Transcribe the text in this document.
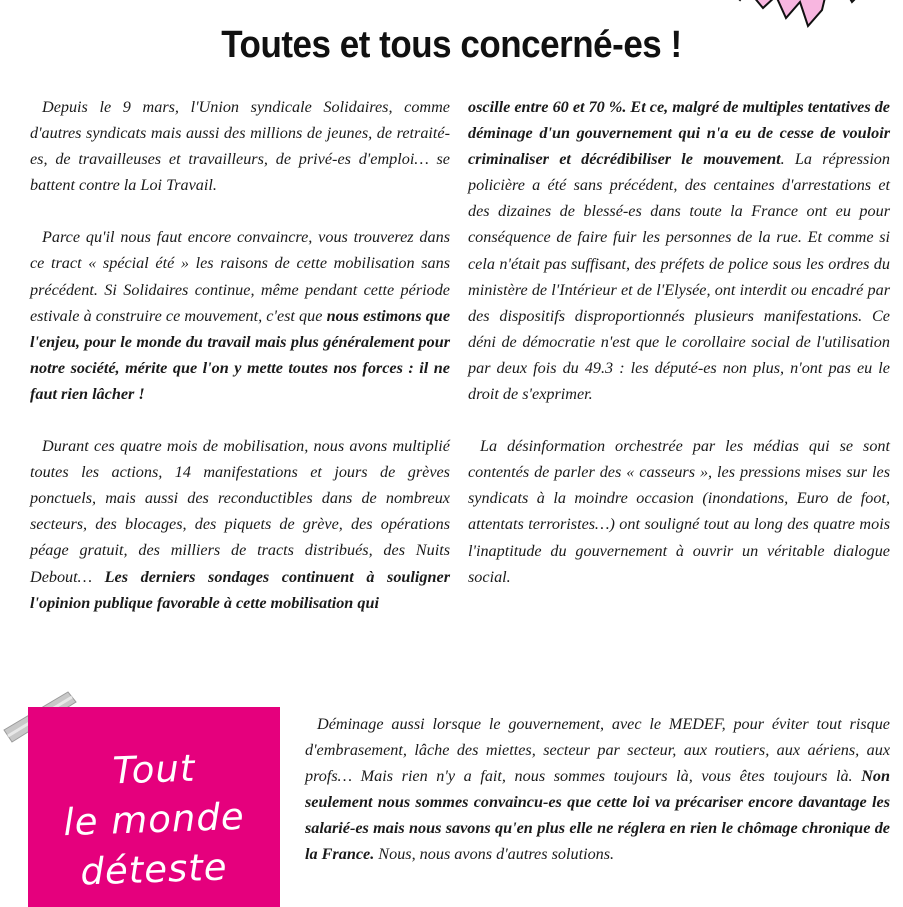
Toutes et tous concerné-es !

Depuis le 9 mars, l'Union syndicale Solidaires, comme d'autres syndicats mais aussi des millions de jeunes, de retraité-es, de travailleuses et travailleurs, de privé-es d'emploi… se battent contre la Loi Travail.

Parce qu'il nous faut encore convaincre, vous trouverez dans ce tract « spécial été » les raisons de cette mobilisation sans précédent. Si Solidaires continue, même pendant cette période estivale à construire ce mouvement, c'est que nous estimons que l'enjeu, pour le monde du travail mais plus généralement pour notre société, mérite que l'on y mette toutes nos forces : il ne faut rien lâcher !

Durant ces quatre mois de mobilisation, nous avons multiplié toutes les actions, 14 manifestations et jours de grèves ponctuels, mais aussi des reconductibles dans de nombreux secteurs, des blocages, des piquets de grève, des opérations péage gratuit, des milliers de tracts distribués, des Nuits Debout… Les derniers sondages continuent à souligner l'opinion publique favorable à cette mobilisation qui

oscille entre 60 et 70 %. Et ce, malgré de multiples tentatives de déminage d'un gouvernement qui n'a eu de cesse de vouloir criminaliser et décrédibiliser le mouvement. La répression policière a été sans précédent, des centaines d'arrestations et des dizaines de blessé-es dans toute la France ont eu pour conséquence de faire fuir les personnes de la rue. Et comme si cela n'était pas suffisant, des préfets de police sous les ordres du ministère de l'Intérieur et de l'Elysée, ont interdit ou encadré par des dispositifs disproportionnés plusieurs manifestations. Ce déni de démocratie n'est que le corollaire social de l'utilisation par deux fois du 49.3 : les député-es non plus, n'ont pas eu le droit de s'exprimer.

La désinformation orchestrée par les médias qui se sont contentés de parler des « casseurs », les pressions mises sur les syndicats à la moindre occasion (inondations, Euro de foot, attentats terroristes…) ont souligné tout au long des quatre mois l'inaptitude du gouvernement à ouvrir un véritable dialogue social.

Tout
le monde
déteste

Déminage aussi lorsque le gouvernement, avec le MEDEF, pour éviter tout risque d'embrasement, lâche des miettes, secteur par secteur, aux routiers, aux aériens, aux profs… Mais rien n'y a fait, nous sommes toujours là, vous êtes toujours là. Non seulement nous sommes convaincu-es que cette loi va précariser encore davantage les salarié-es mais nous savons qu'en plus elle ne réglera en rien le chômage chronique de la France. Nous, nous avons d'autres solutions.
